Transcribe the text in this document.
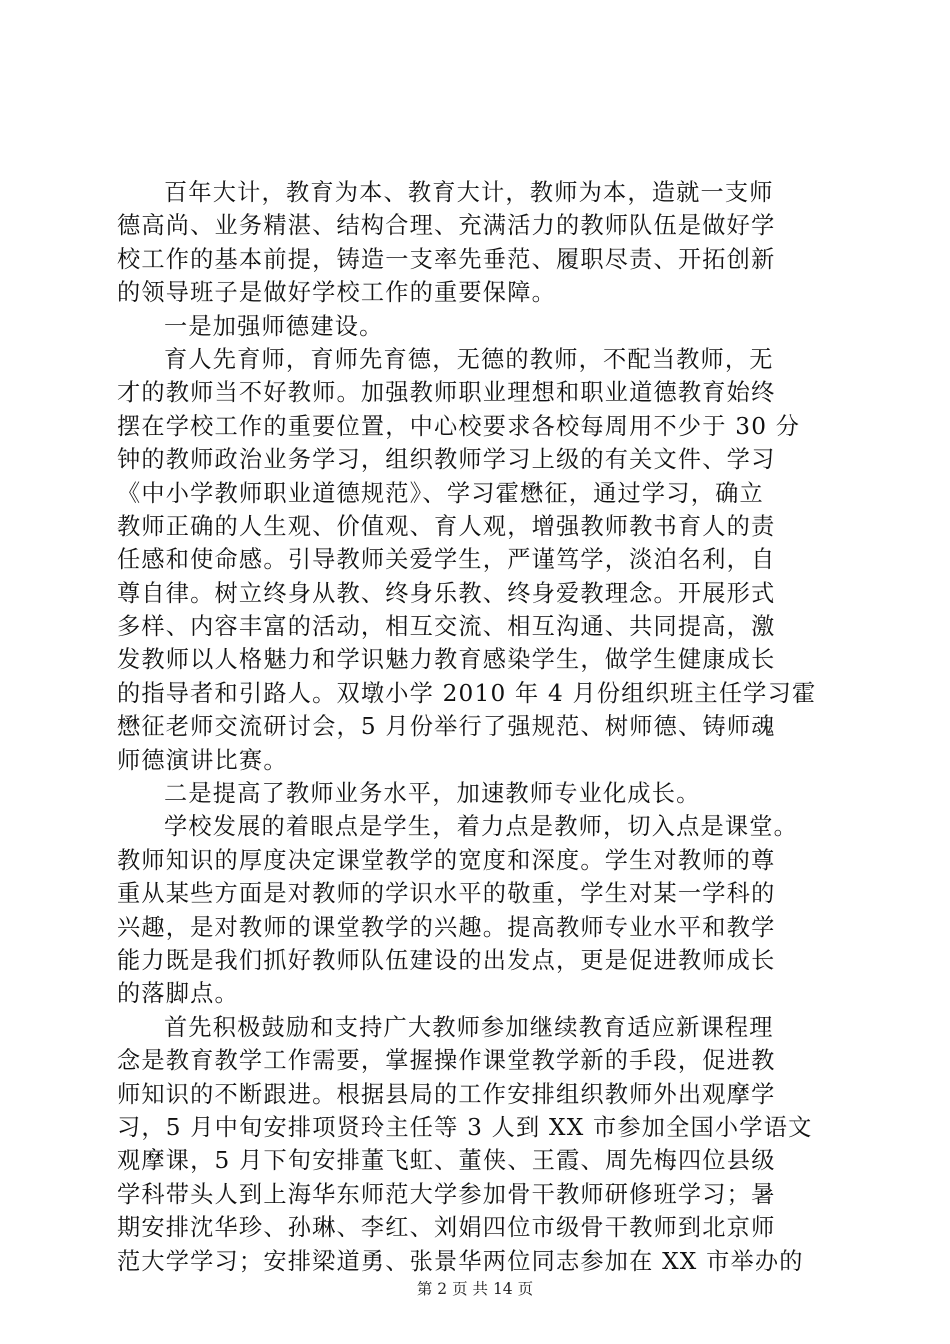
百年大计，教育为本、教育大计，教师为本，造就一支师
德高尚、业务精湛、结构合理、充满活力的教师队伍是做好学
校工作的基本前提，铸造一支率先垂范、履职尽责、开拓创新
的领导班子是做好学校工作的重要保障。
一是加强师德建设。
育人先育师，育师先育德，无德的教师，不配当教师，无
才的教师当不好教师。加强教师职业理想和职业道德教育始终
摆在学校工作的重要位置，中心校要求各校每周用不少于 30 分
钟的教师政治业务学习，组织教师学习上级的有关文件、学习
《中小学教师职业道德规范》、学习霍懋征，通过学习，确立
教师正确的人生观、价值观、育人观，增强教师教书育人的责
任感和使命感。引导教师关爱学生，严谨笃学，淡泊名利，自
尊自律。树立终身从教、终身乐教、终身爱教理念。开展形式
多样、内容丰富的活动，相互交流、相互沟通、共同提高，激
发教师以人格魅力和学识魅力教育感染学生，做学生健康成长
的指导者和引路人。双墩小学 2010 年 4 月份组织班主任学习霍
懋征老师交流研讨会，5 月份举行了强规范、树师德、铸师魂
师德演讲比赛。
二是提高了教师业务水平，加速教师专业化成长。
学校发展的着眼点是学生，着力点是教师，切入点是课堂。
教师知识的厚度决定课堂教学的宽度和深度。学生对教师的尊
重从某些方面是对教师的学识水平的敬重，学生对某一学科的
兴趣，是对教师的课堂教学的兴趣。提高教师专业水平和教学
能力既是我们抓好教师队伍建设的出发点，更是促进教师成长
的落脚点。
首先积极鼓励和支持广大教师参加继续教育适应新课程理
念是教育教学工作需要，掌握操作课堂教学新的手段，促进教
师知识的不断跟进。根据县局的工作安排组织教师外出观摩学
习，5 月中旬安排项贤玲主任等 3 人到 XX 市参加全国小学语文
观摩课，5 月下旬安排董飞虹、董侠、王霞、周先梅四位县级
学科带头人到上海华东师范大学参加骨干教师研修班学习；暑
期安排沈华珍、孙琳、李红、刘娟四位市级骨干教师到北京师
范大学学习；安排梁道勇、张景华两位同志参加在 XX 市举办的
第 2 页 共 14 页
